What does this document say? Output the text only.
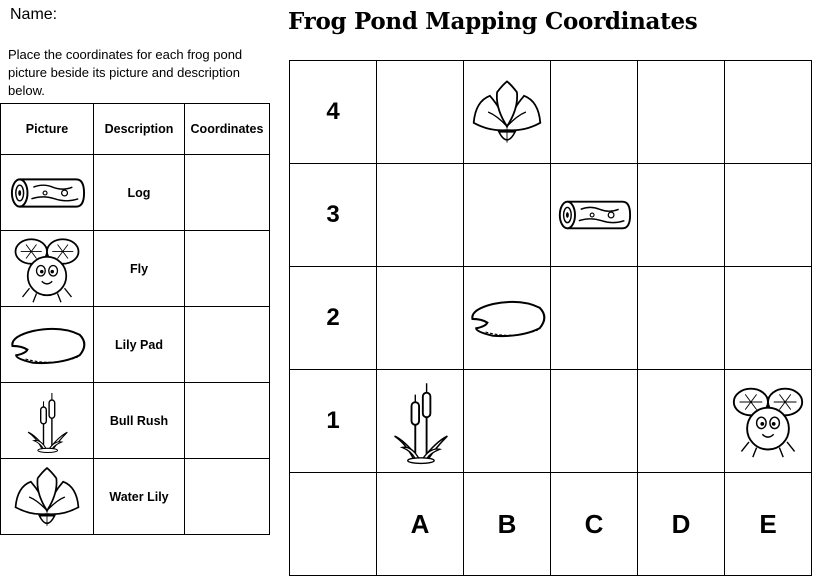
Name:	Frog Pond Mapping Coordinates
Place the coordinates for each frog pond picture beside its picture and description below.
Picture	Description	Coordinates

	Log	

	Fly	

	Lily Pad	

	Bull Rush	

	Water Lily	
4		

3			

2		

1	

	A	B	C	D	E
